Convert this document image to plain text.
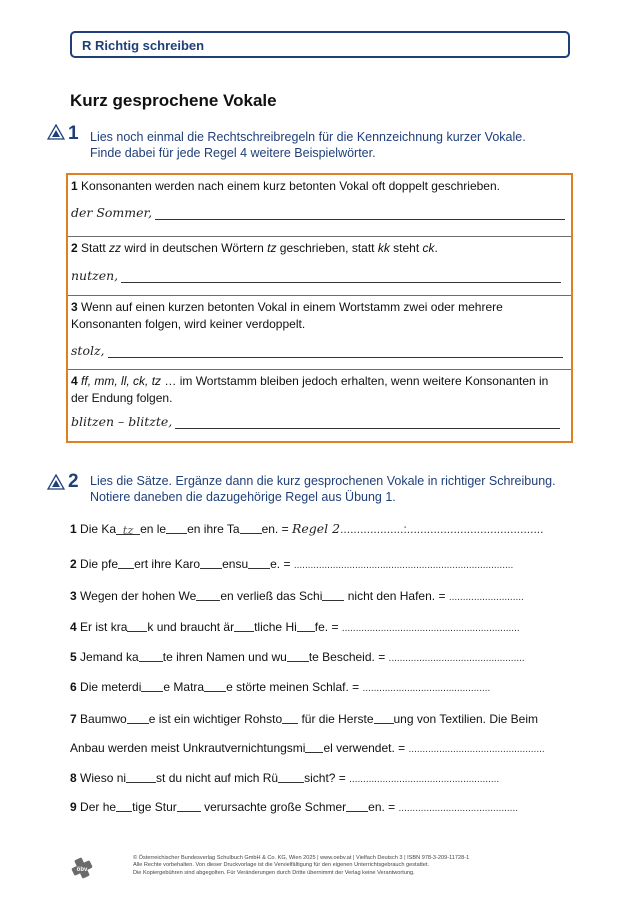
R Richtig schreiben
Kurz gesprochene Vokale
1 Lies noch einmal die Rechtschreibregeln für die Kennzeichnung kurzer Vokale.
Finde dabei für jede Regel 4 weitere Beispielwörter.
1 Konsonanten werden nach einem kurz betonten Vokal oft doppelt geschrieben.
der Sommer,
2 Statt zz wird in deutschen Wörtern tz geschrieben, statt kk steht ck.
nutzen,
3 Wenn auf einen kurzen betonten Vokal in einem Wortstamm zwei oder mehrere Konsonanten folgen, wird keiner verdoppelt.
stolz,
4 ff, mm, ll, ck, tz … im Wortstamm bleiben jedoch erhalten, wenn weitere Konsonanten in der Endung folgen.
blitzen – blitzte,
2 Lies die Sätze. Ergänze dann die kurz gesprochenen Vokale in richtiger Schreibung.
Notiere daneben die dazugehörige Regel aus Übung 1.
1 Die Ka tz en le en ihre Ta en. = Regel 2...................:.........................................
2 Die pfe ert ihre Karo ensu e. = ...............................................................................
3 Wegen der hohen We en verließ das Schi nicht den Hafen. = ...........................
4 Er ist kra k und braucht är tliche Hi fe. = ................................................................
5 Jemand ka te ihren Namen und wu te Bescheid. = .................................................
6 Die meterdi e Matra e störte meinen Schlaf. = ..............................................
7 Baumwo e ist ein wichtiger Rohsto für die Herste ung von Textilien. Die Beim
Anbau werden meist Unkrautvernichtungsmi el verwendet. = .................................................
8 Wieso ni	st du nicht auf mich Rü sicht? = ......................................................
9 Der he tige Stur verursachte große Schmer en. = ...........................................
öbv
© Österreichischer Bundesverlag Schulbuch GmbH & Co. KG, Wien 2025 | www.oebv.at | Vielfach Deutsch 3 | ISBN 978-3-209-11728-1
Alle Rechte vorbehalten. Von dieser Druckvorlage ist die Vervielfältigung für den eigenen Unterrichtsgebrauch gestattet.
Die Kopiergebühren sind abgegolten. Für Veränderungen durch Dritte übernimmt der Verlag keine Verantwortung.
